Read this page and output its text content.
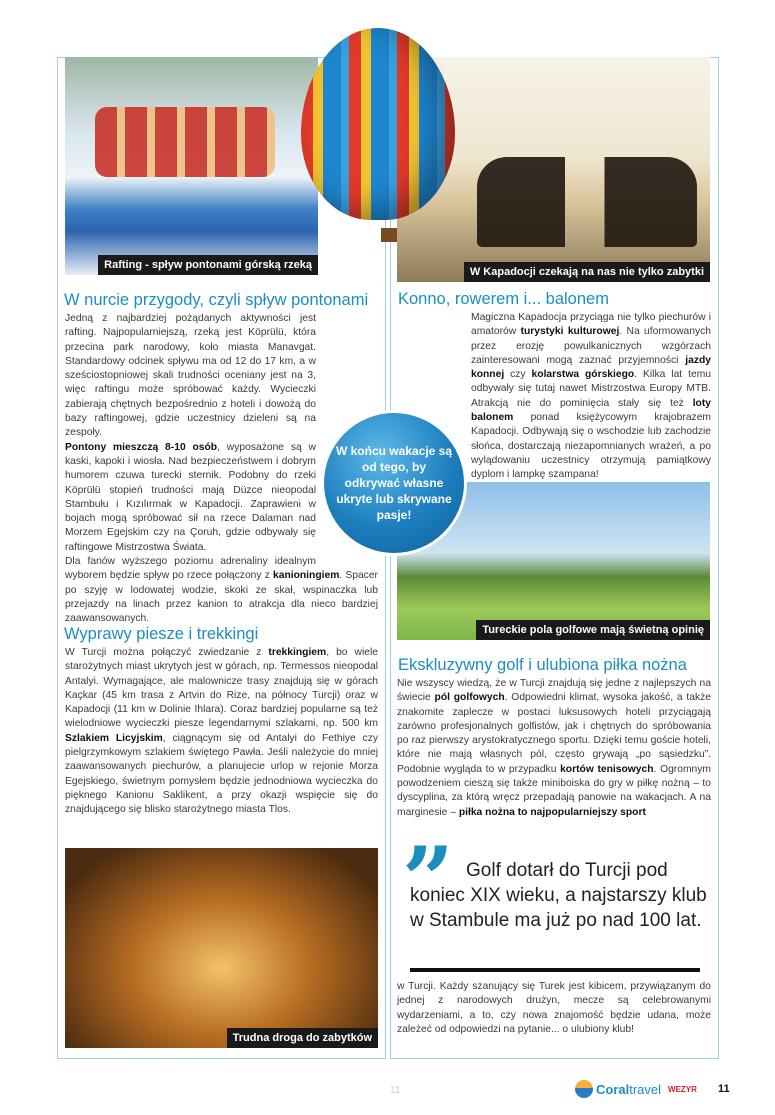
Rafting - spływ pontonami górską rzeką
W Kapadocji czekają na nas nie tylko zabytki
W nurcie przygody, czyli spływ pontonami

Jedną z najbardziej pożądanych aktywności jest rafting. Najpopularniejszą, rzeką jest Köprülü, która przecina park narodowy, koło miasta Manavgat. Standardowy odcinek spływu ma od 12 do 17 km, a w sześciostopniowej skali trudności oceniany jest na 3, więc raftingu może spróbować każdy. Wycieczki zabierają chętnych bezpośrednio z hoteli i dowożą do bazy raftingowej, gdzie uczestnicy dzieleni są na zespoły.

Pontony mieszczą 8-10 osób, wyposażone są w kaski, kapoki i wiosła. Nad bezpieczeństwem i dobrym humorem czuwa turecki sternik. Podobny do rzeki Köprülü stopień trudności mają Düzce nieopodal Stambułu i Kızılırmak w Kapadocji. Zaprawieni w bojach mogą spróbować sił na rzece Dalaman nad Morzem Egejskim czy na Çoruh, gdzie odbywały się raftingowe Mistrzostwa Świata.

Dla fanów wyższego poziomu adrenaliny idealnym wyborem będzie spływ po rzece połączony z kanioningiem. Spacer po szyję w lodowatej wodzie, skoki ze skał, wspinaczka lub przejazdy na linach przez kanion to atrakcja dla nieco bardziej zaawansowanych.

W końcu wakacje są od tego, by odkrywać własne ukryte lub skrywane pasje!
Wyprawy piesze i trekkingi

W Turcji można połączyć zwiedzanie z trekkingiem, bo wiele starożytnych miast ukrytych jest w górach, np. Termessos nieopodal Antalyi. Wymagające, ale malownicze trasy znajdują się w górach Kaçkar (45 km trasa z Artvin do Rize, na północy Turcji) oraz w Kapadocji (11 km w Dolinie Ihlara). Coraz bardziej popularne są też wielodniowe wycieczki piesze legendarnymi szlakami, np. 500 km Szlakiem Licyjskim, ciągnącym się od Antalyi do Fethiye czy pielgrzymkowym szlakiem świętego Pawła. Jeśli należycie do mniej zaawansowanych piechurów, a planujecie urlop w rejonie Morza Egejskiego, świetnym pomysłem będzie jednodniowa wycieczka do pięknego Kanionu Saklikent, a przy okazji wspięcie się do znajdującego się blisko starożytnego miasta Tlos.

Trudna droga do zabytków
Konno, rowerem i... balonem

Magiczna Kapadocja przyciąga nie tylko piechurów i amatorów turystyki kulturowej. Na uformowanych przez erozję powulkanicznych wzgórzach zainteresowani mogą zaznać przyjemności jazdy konnej czy kolarstwa górskiego. Kilka lat temu odbywały się tutaj nawet Mistrzostwa Europy MTB. Atrakcją nie do pominięcia stały się też loty balonem ponad księżycowym krajobrazem Kapadocji. Odbywają się o wschodzie lub zachodzie słońca, dostarczają niezapomnianych wrażeń, a po wylądowaniu uczestnicy otrzymują pamiątkowy dyplom i lampkę szampana!

Tureckie pola golfowe mają świetną opinię
Ekskluzywny golf i ulubiona piłka nożna

Nie wszyscy wiedzą, że w Turcji znajdują się jedne z najlepszych na świecie pól golfowych. Odpowiedni klimat, wysoka jakość, a także znakomite zaplecze w postaci luksusowych hoteli przyciągają zarówno profesjonalnych golfistów, jak i chętnych do spróbowania po raz pierwszy arystokratycznego sportu. Dzięki temu goście hoteli, które nie mają własnych pól, często grywają „po sąsiedzku”. Podobnie wygląda to w przypadku kortów tenisowych. Ogromnym powodzeniem cieszą się także miniboiska do gry w piłkę nożną – to dyscyplina, za którą wręcz przepadają panowie na wakacjach. A na marginesie – piłka nożna to najpopularniejszy sport

” Golf dotarł do Turcji pod koniec XIX wieku, a najstarszy klub w Stambule ma już po nad 100 lat.

w Turcji. Każdy szanujący się Turek jest kibicem, przywiązanym do jednej z narodowych drużyn, mecze są celebrowanymi wydarzeniami, a to, czy nowa znajomość będzie udana, może zależeć od odpowiedzi na pytanie... o ulubiony klub!

11	Coral travel WEZYR 11
